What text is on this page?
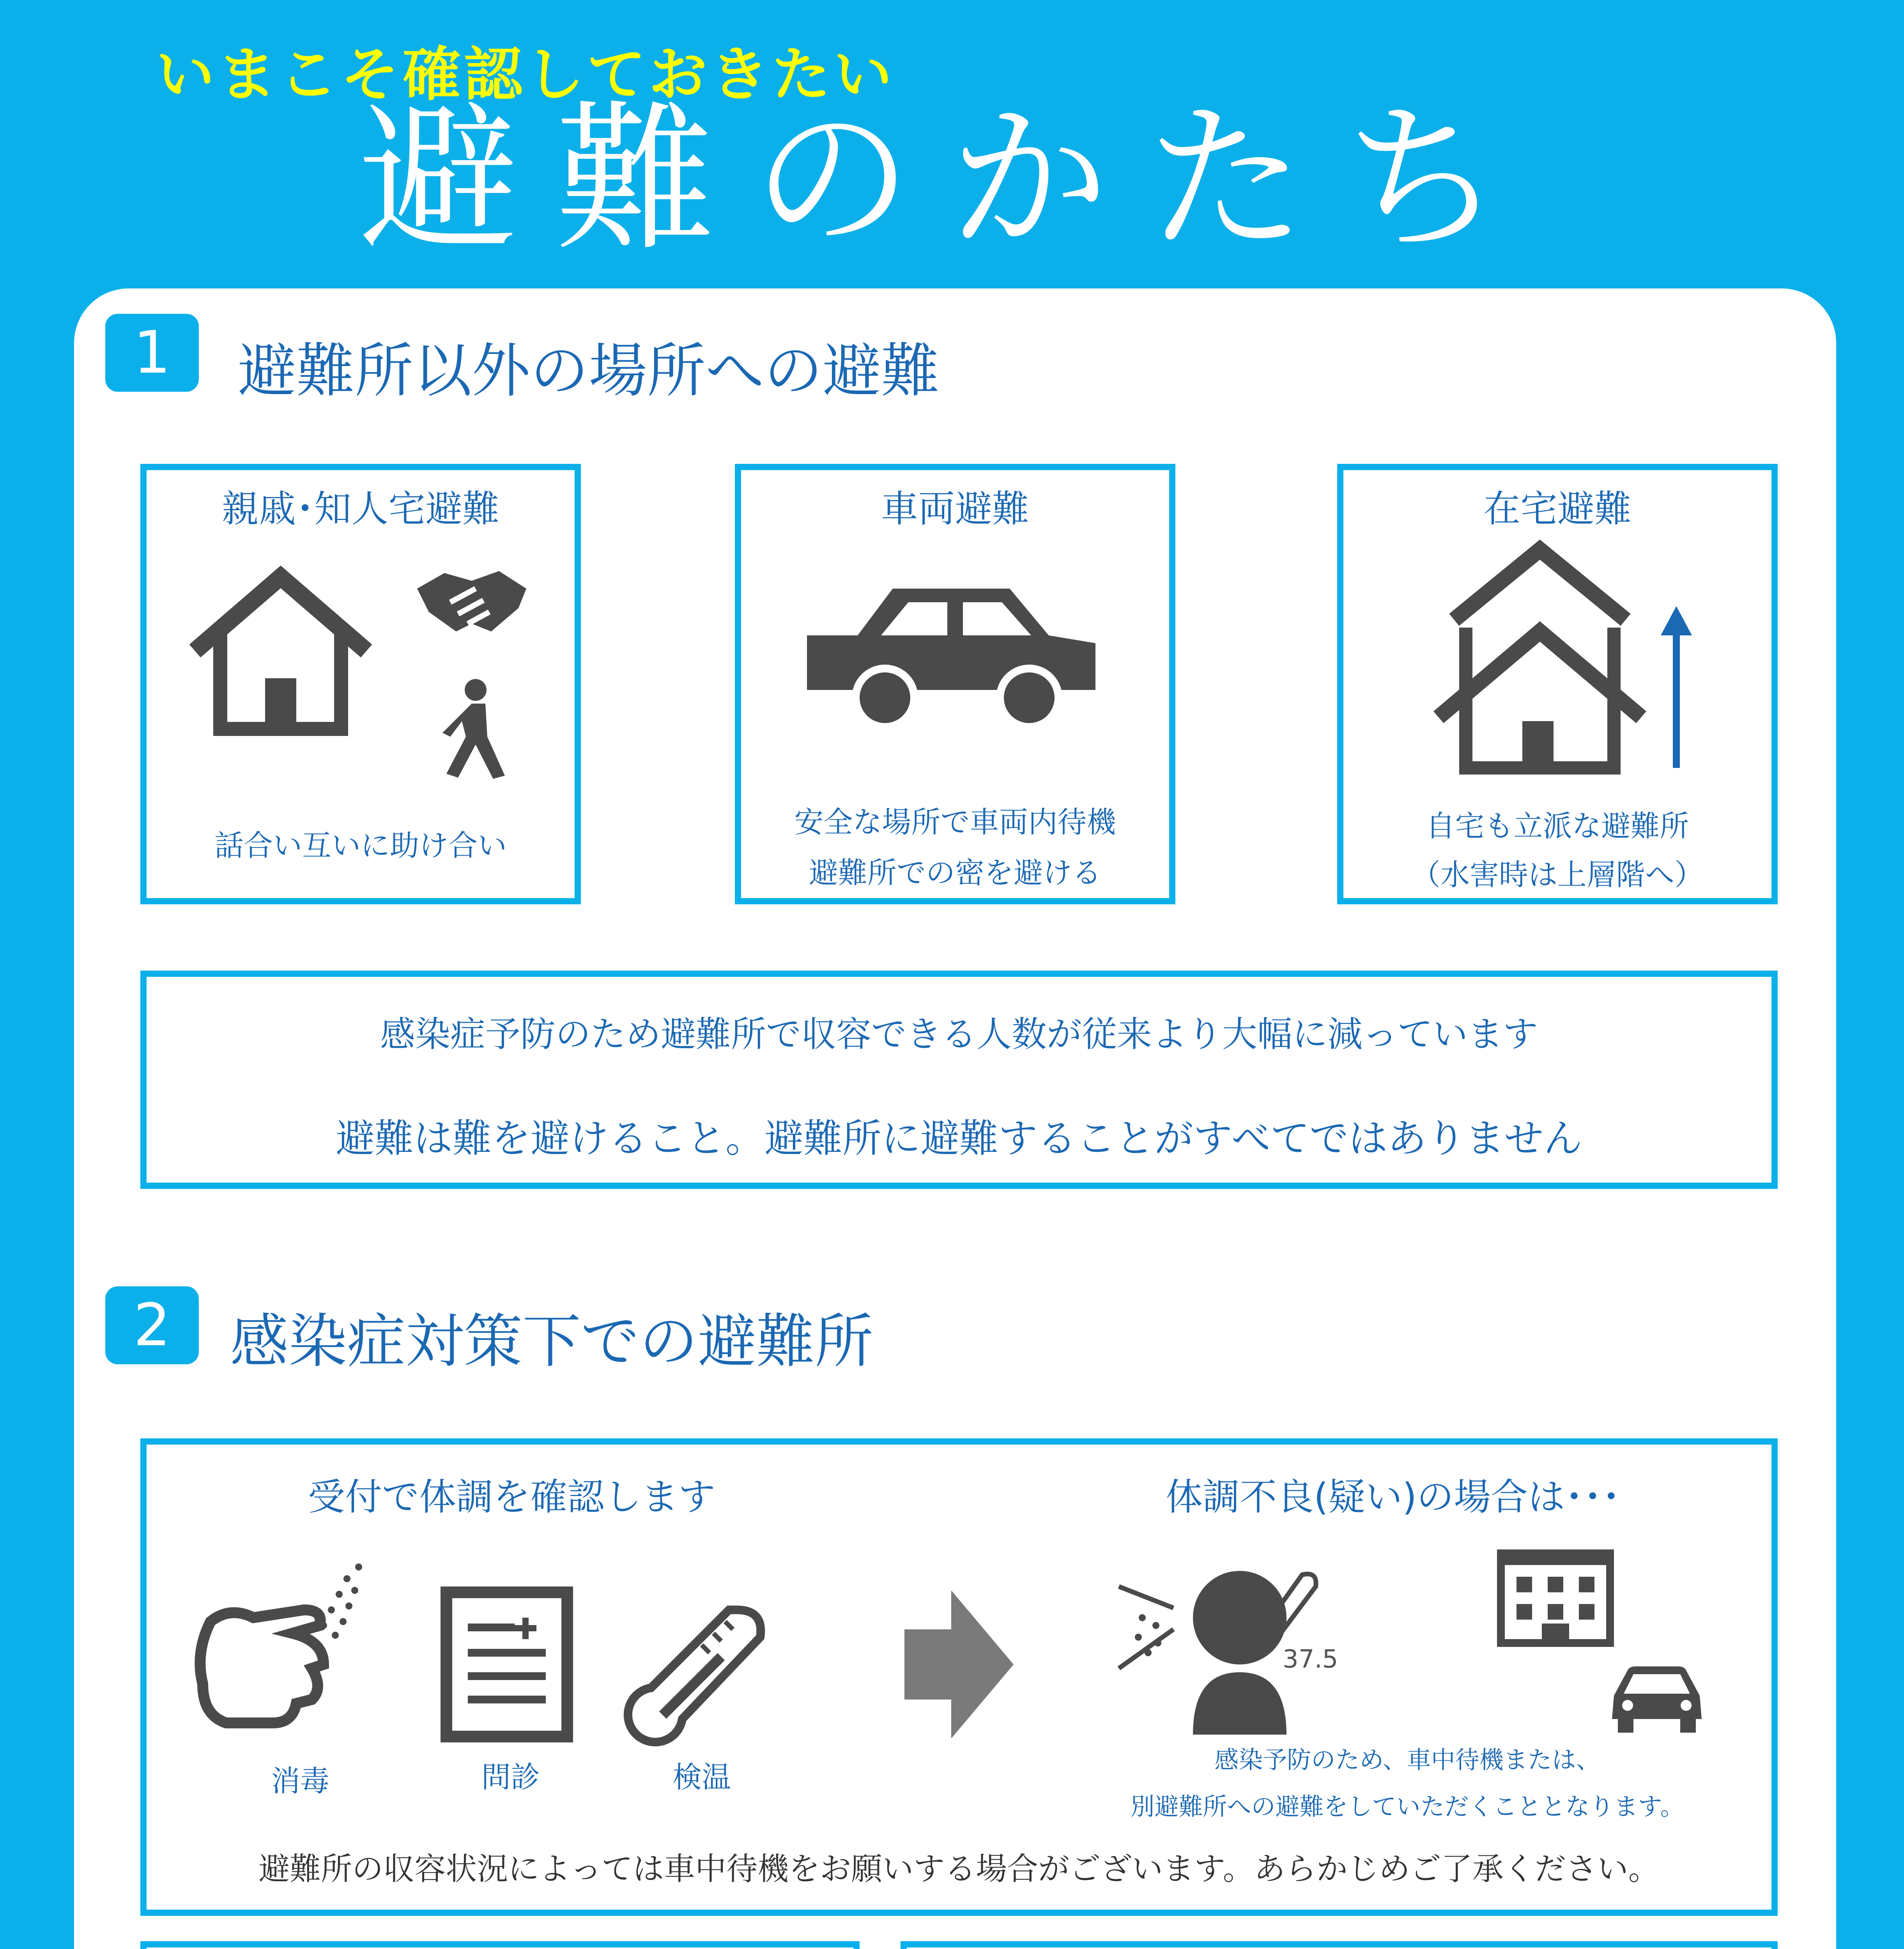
いまこそ確認しておきたい
避難のかたち
1	避難所以外の場所への避難
親戚･知人宅避難
話合い互いに助け合い
車両避難
安全な場所で車両内待機
避難所での密を避ける
在宅避難
自宅も立派な避難所
（水害時は上層階へ）
感染症予防のため避難所で収容できる人数が従来より大幅に減っています
避難は難を避けること。避難所に避難することがすべてではありません
2	感染症対策下での避難所
受付で体調を確認します	体調不良(疑い)の場合は･･･
消毒	問診	検温
37.5
感染予防のため、車中待機または、
別避難所への避難をしていただくこととなります。
避難所の収容状況によっては車中待機をお願いする場合がございます。あらかじめご了承ください。
